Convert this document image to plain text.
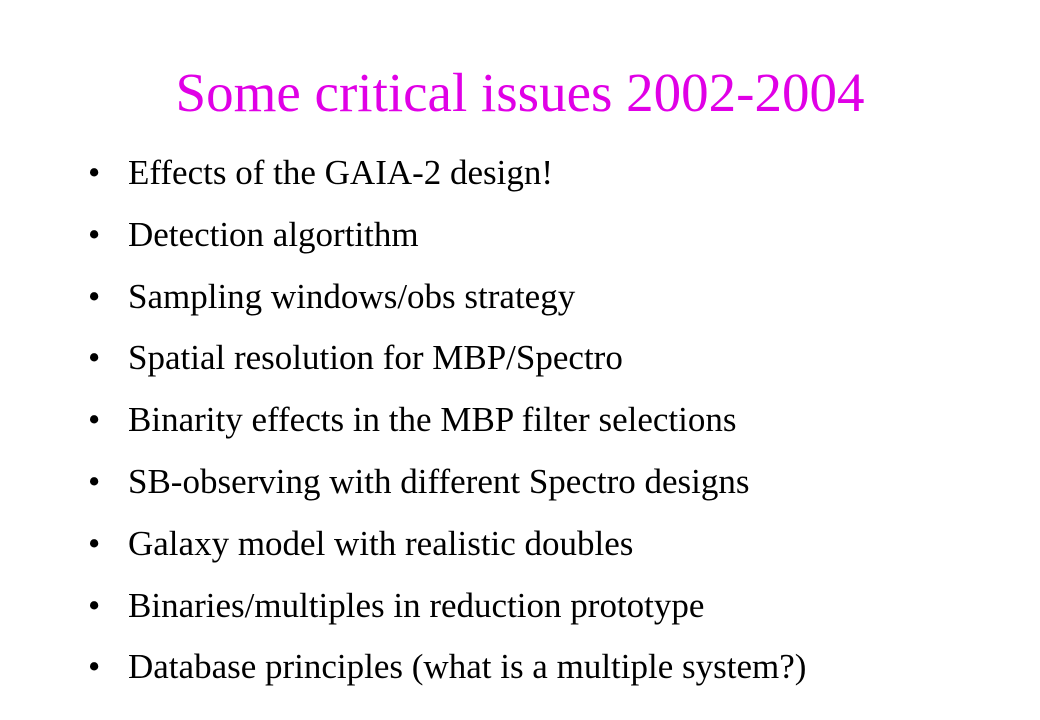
Some critical issues 2002-2004
• Effects of the GAIA-2 design!
• Detection algortithm
• Sampling windows/obs strategy
• Spatial resolution for MBP/Spectro
• Binarity effects in the MBP filter selections
• SB-observing with different Spectro designs
• Galaxy model with realistic doubles
• Binaries/multiples in reduction prototype
• Database principles (what is a multiple system?)
